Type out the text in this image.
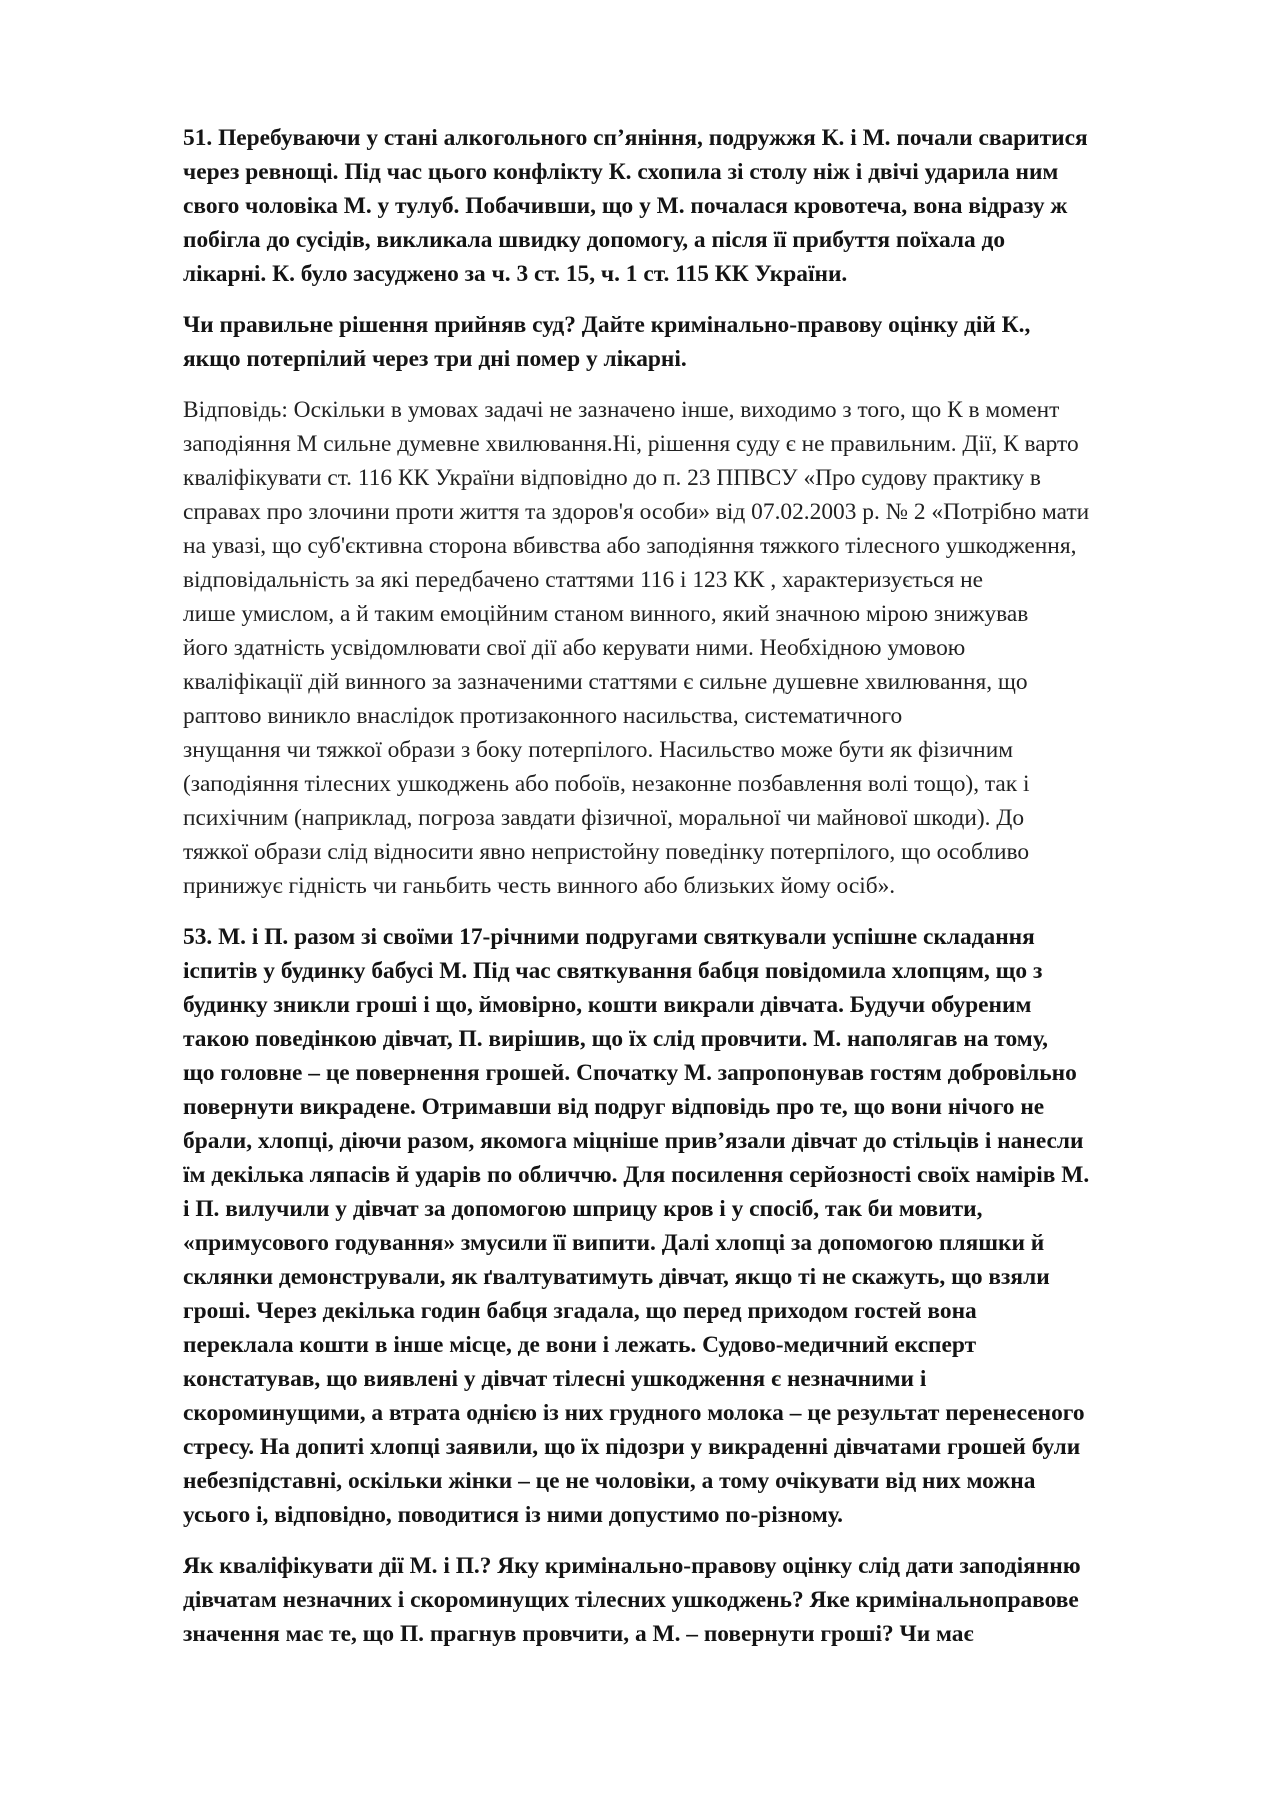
51. Перебуваючи у стані алкогольного сп’яніння, подружжя К. і М. почали сваритися
через ревнощі. Під час цього конфлікту К. схопила зі столу ніж і двічі ударила ним
свого чоловіка М. у тулуб. Побачивши, що у М. почалася кровотеча, вона відразу ж
побігла до сусідів, викликала швидку допомогу, а після її прибуття поїхала до
лікарні. К. було засуджено за ч. 3 ст. 15, ч. 1 ст. 115 КК України.
Чи правильне рішення прийняв суд? Дайте кримінально-правову оцінку дій К.,
якщо потерпілий через три дні помер у лікарні.
Відповідь: Оскільки в умовах задачі не зазначено інше, виходимо з того, що К в момент
заподіяння М сильне думевне хвилювання.Ні, рішення суду є не правильним. Дії, К варто
кваліфікувати ст. 116 КК України відповідно до п. 23 ППВСУ «Про судову практику в
справах про злочини проти життя та здоров'я особи» від 07.02.2003 р. № 2 «Потрібно мати
на увазі, що суб'єктивна сторона вбивства або заподіяння тяжкого тілесного ушкодження,
відповідальність за які передбачено статтями 116 і 123 КК , характеризується не
лише умислом, а й таким емоційним станом винного, який значною мірою знижував
його здатність усвідомлювати свої дії або керувати ними. Необхідною умовою
кваліфікації дій винного за зазначеними статтями є сильне душевне хвилювання, що
раптово виникло внаслідок протизаконного насильства, систематичного
знущання чи тяжкої образи з боку потерпілого. Насильство може бути як фізичним
(заподіяння тілесних ушкоджень або побоїв, незаконне позбавлення волі тощо), так і
психічним (наприклад, погроза завдати фізичної, моральної чи майнової шкоди). До
тяжкої образи слід відносити явно непристойну поведінку потерпілого, що особливо
принижує гідність чи ганьбить честь винного або близьких йому осіб».
53. М. і П. разом зі своїми 17-річними подругами святкували успішне складання
іспитів у будинку бабусі М. Під час святкування бабця повідомила хлопцям, що з
будинку зникли гроші і що, ймовірно, кошти викрали дівчата. Будучи обуреним
такою поведінкою дівчат, П. вирішив, що їх слід провчити. М. наполягав на тому,
що головне – це повернення грошей. Спочатку М. запропонував гостям добровільно
повернути викрадене. Отримавши від подруг відповідь про те, що вони нічого не
брали, хлопці, діючи разом, якомога міцніше прив’язали дівчат до стільців і нанесли
їм декілька ляпасів й ударів по обличчю. Для посилення серйозності своїх намірів М.
і П. вилучили у дівчат за допомогою шприцу кров і у спосіб, так би мовити,
«примусового годування» змусили її випити. Далі хлопці за допомогою пляшки й
склянки демонстрували, як ґвалтуватимуть дівчат, якщо ті не скажуть, що взяли
гроші. Через декілька годин бабця згадала, що перед приходом гостей вона
переклала кошти в інше місце, де вони і лежать. Судово-медичний експерт
констатував, що виявлені у дівчат тілесні ушкодження є незначними і
скороминущими, а втрата однією із них грудного молока – це результат перенесеного
стресу. На допиті хлопці заявили, що їх підозри у викраденні дівчатами грошей були
небезпідставні, оскільки жінки – це не чоловіки, а тому очікувати від них можна
усього і, відповідно, поводитися із ними допустимо по-різному.
Як кваліфікувати дії М. і П.? Яку кримінально-правову оцінку слід дати заподіянню
дівчатам незначних і скороминущих тілесних ушкоджень? Яке кримінальноправове
значення має те, що П. прагнув провчити, а М. – повернути гроші? Чи має
